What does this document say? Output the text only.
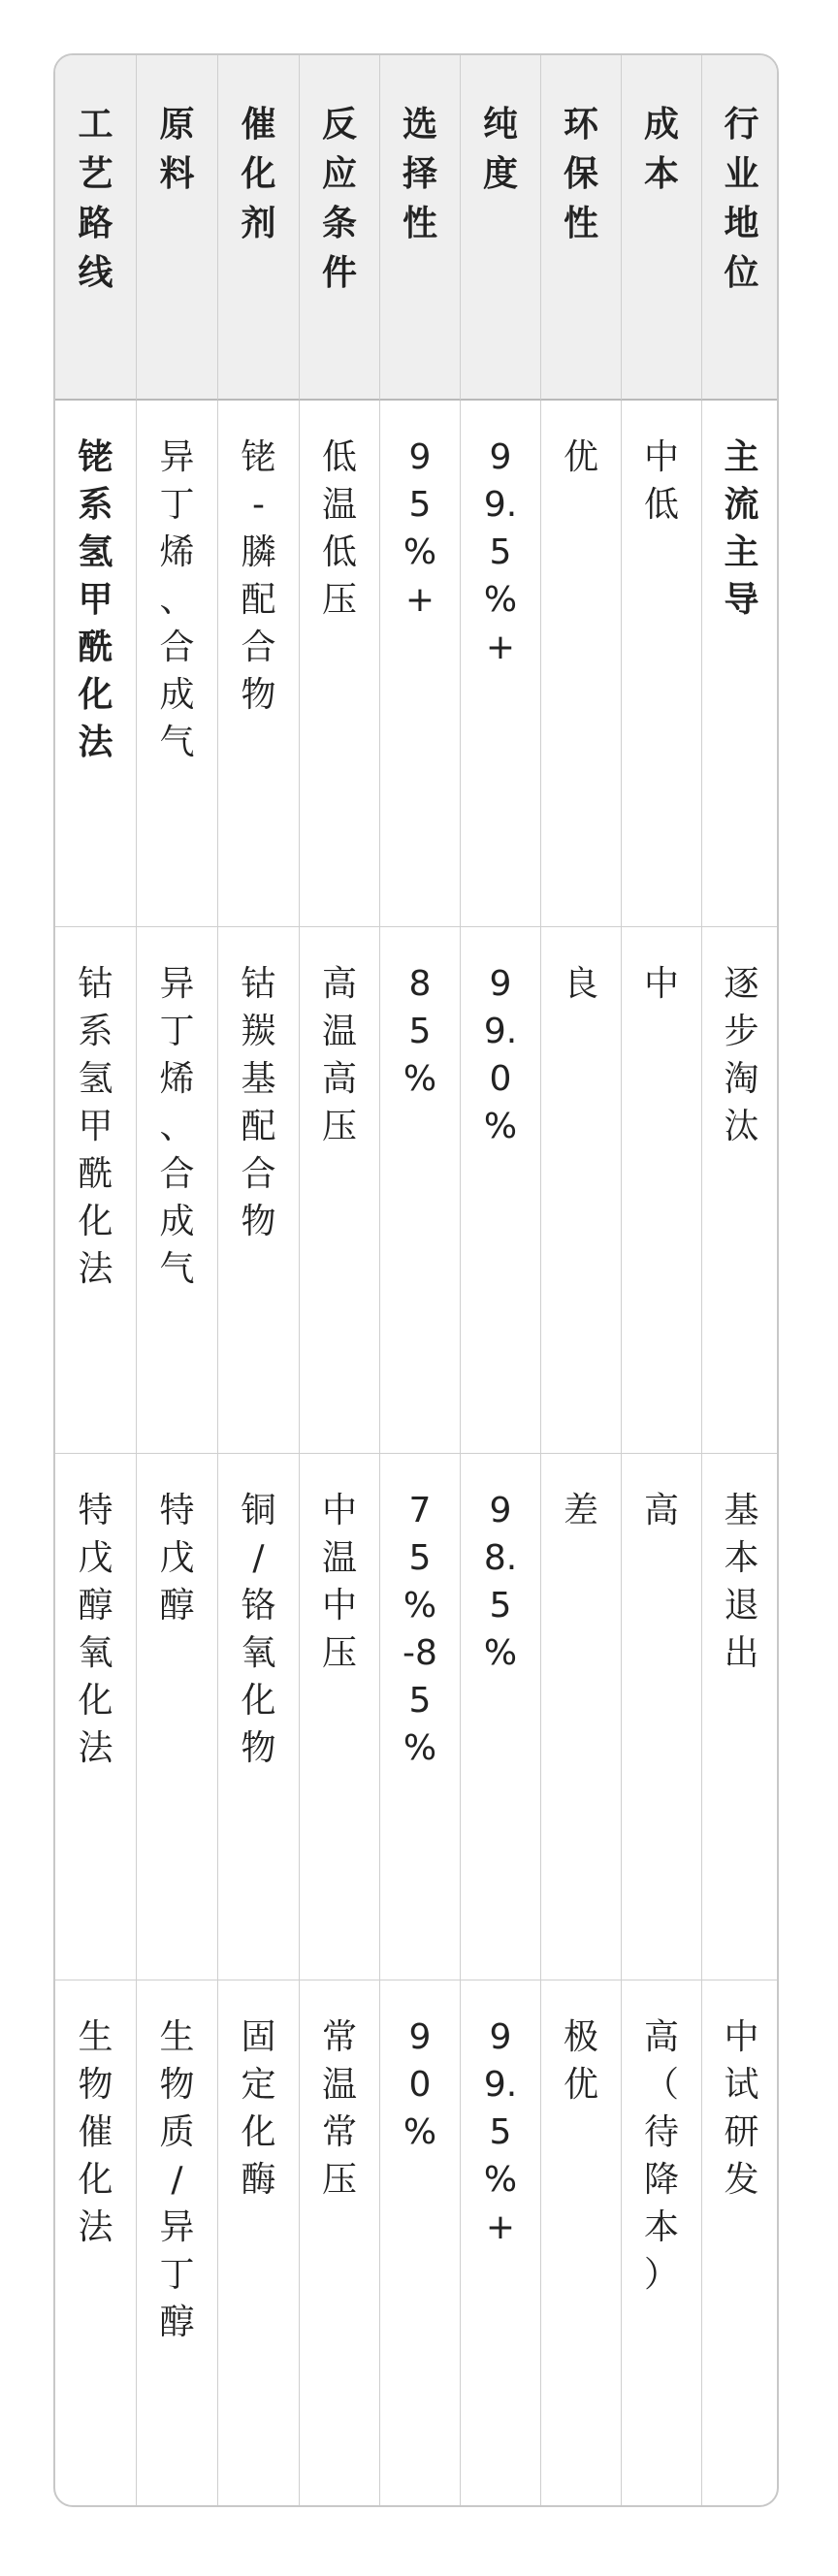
工艺路线
原料
催化剂
反应条件
选择性
纯度
环保性
成本
行业地位
铑系氢甲酰化法
异丁烯、合成气
铑-膦配合物
低温低压
95%+
99.5%+
优 中低
主流主导
钴系氢甲酰化法
异丁烯、合成气
钴羰基配合物
高温高压
85%
99.0%
良 中 逐步淘汰
特戊醇氧化法
特戊醇
铜/铬氧化物
中温中压
75%-85%
98.5%
差 高 基本退出
生物催化法
生物质/异丁醇
固定化酶
常温常压
90%
99.5%+
极优
高（待降本）
中试研发
